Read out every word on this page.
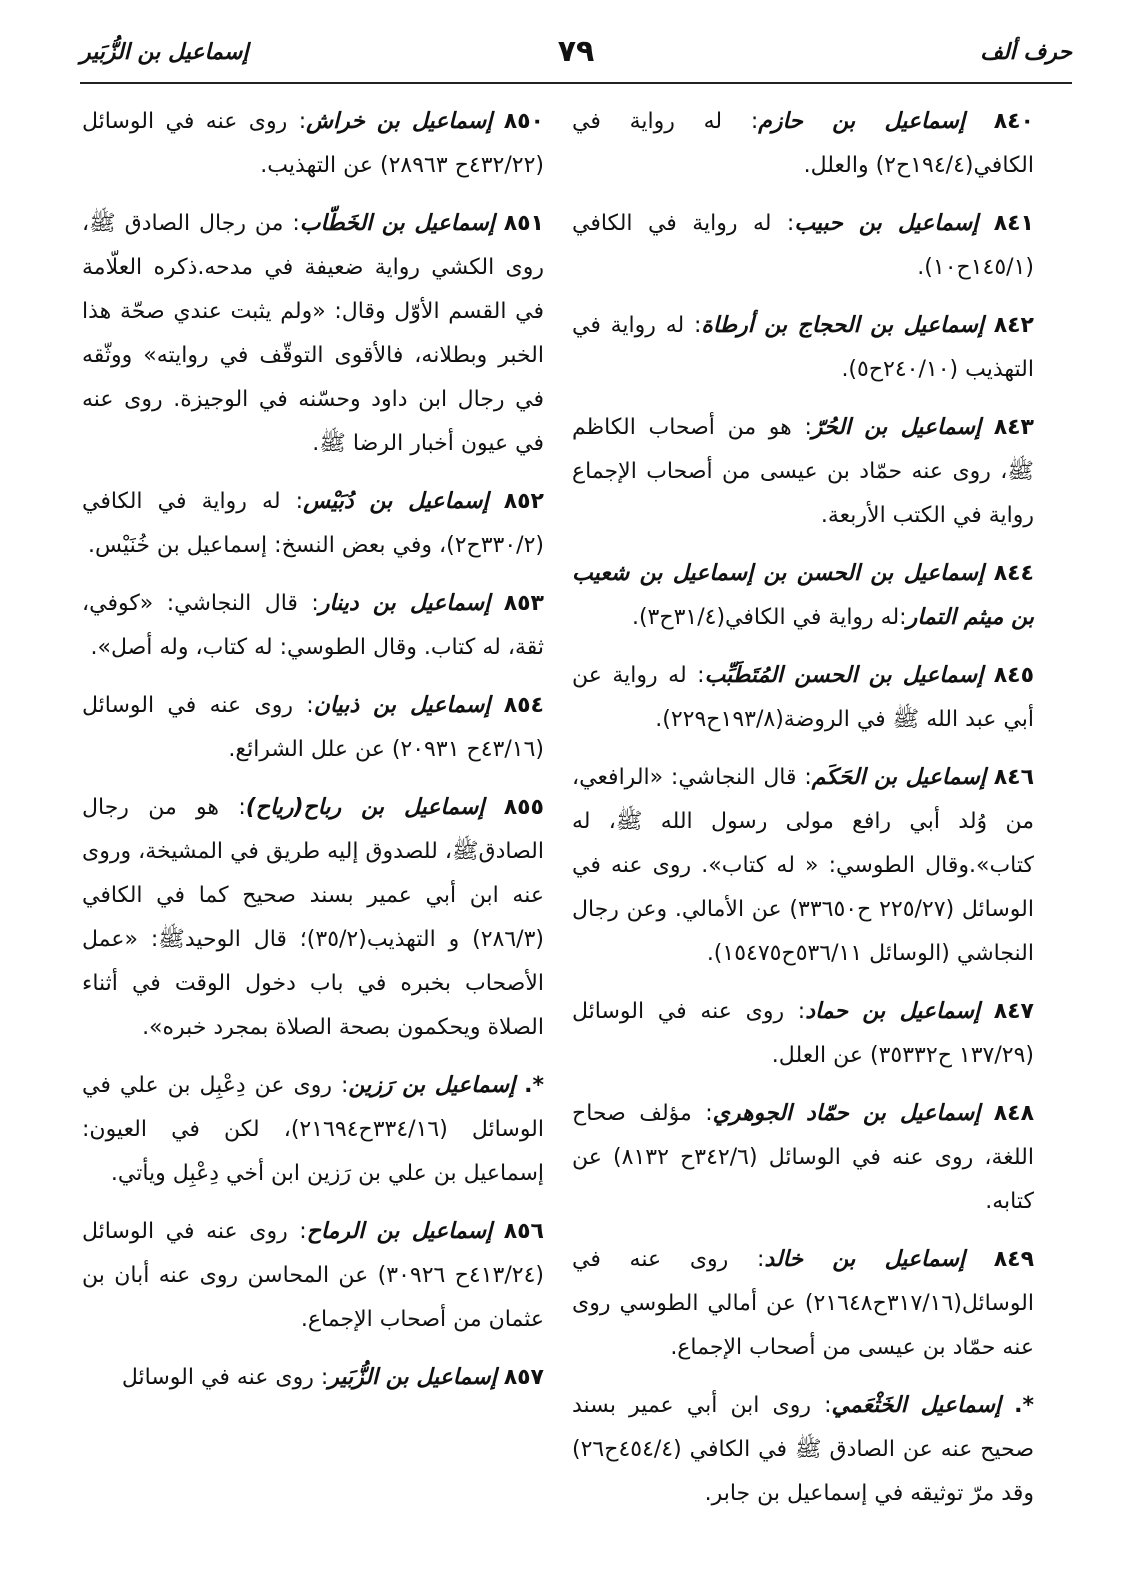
حرف ألف
٧٩
إسماعيل بن الزُّبَير

٨٤٠ إسماعيل بن حازم: له رواية في الكافي(١٩٤/٤ح٢) والعلل.

٨٤١ إسماعيل بن حبيب: له رواية في الكافي (١٤٥/١ح١٠).

٨٤٢ إسماعيل بن الحجاج بن أرطاة: له رواية في التهذيب (٢٤٠/١٠ح٥).

٨٤٣ إسماعيل بن الحُرّ: هو من أصحاب الكاظم ﷺ، روى عنه حمّاد بن عيسى من أصحاب الإجماع رواية في الكتب الأربعة.

٨٤٤ إسماعيل بن الحسن بن إسماعيل بن شعيب بن ميثم التمار:له رواية في الكافي(٣١/٤ح٣).

٨٤٥ إسماعيل بن الحسن المُتَطَبِّب: له رواية عن أبي عبد الله ﷺ في الروضة(١٩٣/٨ح٢٢٩).

٨٤٦ إسماعيل بن الحَكَم: قال النجاشي: «الرافعي، من وُلد أبي رافع مولى رسول الله ﷺ، له كتاب».وقال الطوسي: « له كتاب». روى عنه في الوسائل (٢٢٥/٢٧ ح٣٣٦٥٠) عن الأمالي. وعن رجال النجاشي (الوسائل ٥٣٦/١١ح١٥٤٧٥).

٨٤٧ إسماعيل بن حماد: روى عنه في الوسائل (١٣٧/٢٩ ح٣٥٣٣٢) عن العلل.

٨٤٨ إسماعيل بن حمّاد الجوهري: مؤلف صحاح اللغة، روى عنه في الوسائل (٣٤٢/٦ح ٨١٣٢) عن كتابه.

٨٤٩ إسماعيل بن خالد: روى عنه في الوسائل(٣١٧/١٦ح٢١٦٤٨) عن أمالي الطوسي روى عنه حمّاد بن عيسى من أصحاب الإجماع.

*. إسماعيل الخَثْعَمي: روى ابن أبي عمير بسند صحيح عنه عن الصادق ﷺ في الكافي (٤٥٤/٤ح٢٦) وقد مرّ توثيقه في إسماعيل بن جابر.

٨٥٠ إسماعيل بن خراش: روى عنه في الوسائل (٤٣٢/٢٢ح ٢٨٩٦٣) عن التهذيب.

٨٥١ إسماعيل بن الخَطّاب: من رجال الصادق ﷺ، روى الكشي رواية ضعيفة في مدحه.ذكره العلّامة في القسم الأوّل وقال: «ولم يثبت عندي صحّة هذا الخبر وبطلانه، فالأقوى التوقّف في روايته» ووثّقه في رجال ابن داود وحسّنه في الوجيزة. روى عنه في عيون أخبار الرضا ﷺ.

٨٥٢ إسماعيل بن دُبَيْس: له رواية في الكافي (٣٣٠/٢ح٢)، وفي بعض النسخ: إسماعيل بن خُنَيْس.

٨٥٣ إسماعيل بن دينار: قال النجاشي: «كوفي، ثقة، له كتاب. وقال الطوسي: له كتاب، وله أصل».

٨٥٤ إسماعيل بن ذبيان: روى عنه في الوسائل (٤٣/١٦ح ٢٠٩٣١) عن علل الشرائع.

٨٥٥ إسماعيل بن رباح(رياح): هو من رجال الصادقﷺ، للصدوق إليه طريق في المشيخة، وروى عنه ابن أبي عمير بسند صحيح كما في الكافي (٢٨٦/٣) و التهذيب(٣٥/٢)؛ قال الوحيدﷺ: «عمل الأصحاب بخبره في باب دخول الوقت في أثناء الصلاة ويحكمون بصحة الصلاة بمجرد خبره».

*. إسماعيل بن رَزين: روى عن دِعْبِل بن علي في الوسائل (٣٣٤/١٦ح٢١٦٩٤)، لكن في العيون: إسماعيل بن علي بن رَزين ابن أخي دِعْبِل ويأتي.

٨٥٦ إسماعيل بن الرماح: روى عنه في الوسائل (٤١٣/٢٤ح ٣٠٩٢٦) عن المحاسن روى عنه أبان بن عثمان من أصحاب الإجماع.

٨٥٧ إسماعيل بن الزُّبَير: روى عنه في الوسائل
